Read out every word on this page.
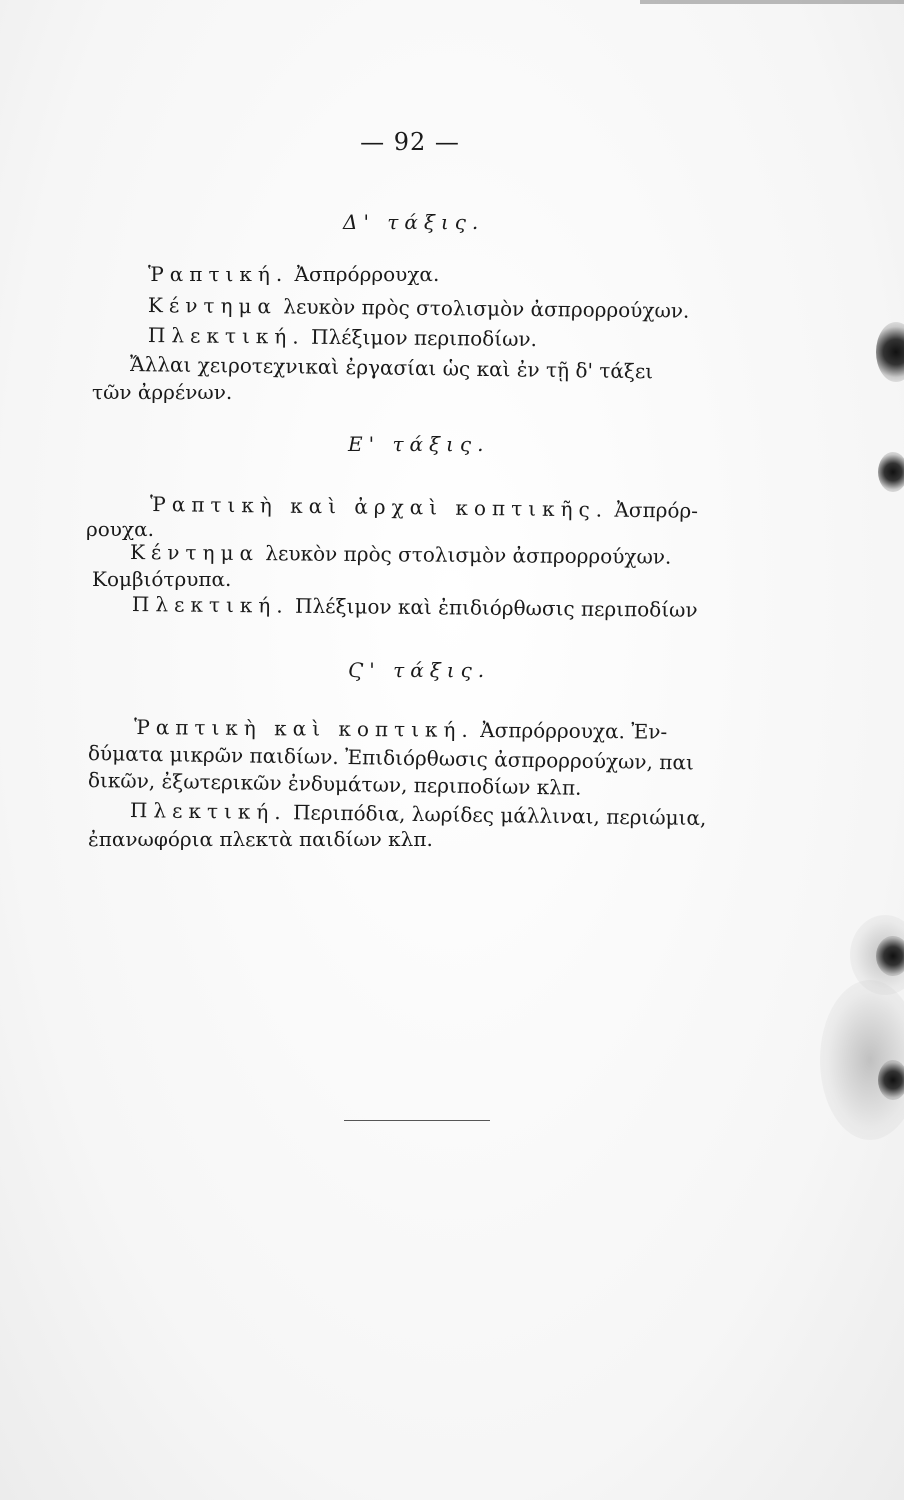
— 92 —
Δ' τάξις.
Ῥαπτική. Ἀσπρόρρουχα.
Κέντημα λευκὸν πρὸς στολισμὸν ἀσπρορρούχων.
Πλεκτική. Πλέξιμον περιποδίων.
Ἄλλαι χειροτεχνικαὶ ἐργασίαι ὡς καὶ ἐν τῇ δ' τάξει
τῶν ἀρρένων.
Ε' τάξις.
Ῥαπτικὴ καὶ ἀρχαὶ κοπτικῆς. Ἀσπρόρ-
ρουχα.
Κέντημα λευκὸν πρὸς στολισμὸν ἀσπρορρούχων.
Κομβιότρυπα.
Πλεκτική. Πλέξιμον καὶ ἐπιδιόρθωσις περιποδίων
Ϛ' τάξις.
Ῥαπτικὴ καὶ κοπτική. Ἀσπρόρρουχα. Ἐν-
δύματα μικρῶν παιδίων. Ἐπιδιόρθωσις ἀσπρορρούχων, παι
δικῶν, ἐξωτερικῶν ἐνδυμάτων, περιποδίων κλπ.
Πλεκτική. Περιπόδια, λωρίδες μάλλιναι, περιώμια,
ἐπανωφόρια πλεκτὰ παιδίων κλπ.
